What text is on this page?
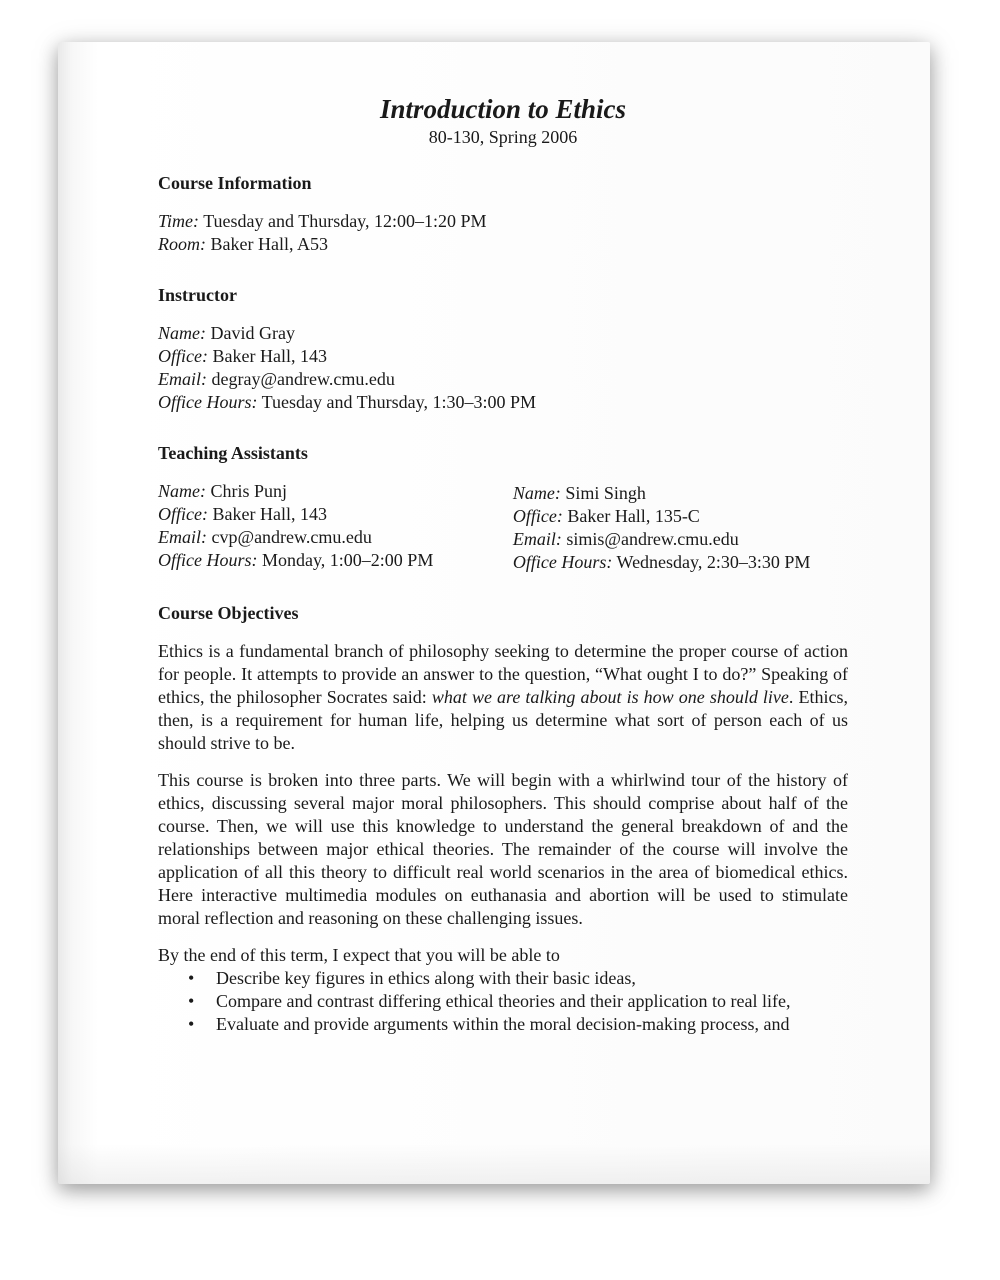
Introduction to Ethics
80-130, Spring 2006
Course Information
Time: Tuesday and Thursday, 12:00–1:20 PM
Room: Baker Hall, A53
Instructor
Name: David Gray
Office: Baker Hall, 143
Email: degray@andrew.cmu.edu
Office Hours: Tuesday and Thursday, 1:30–3:00 PM
Teaching Assistants
Name: Chris Punj
Office: Baker Hall, 143
Email: cvp@andrew.cmu.edu
Office Hours: Monday, 1:00–2:00 PM
Name: Simi Singh
Office: Baker Hall, 135-C
Email: simis@andrew.cmu.edu
Office Hours: Wednesday, 2:30–3:30 PM
Course Objectives

Ethics is a fundamental branch of philosophy seeking to determine the proper course of action for people. It attempts to provide an answer to the question, “What ought I to do?” Speaking of ethics, the philosopher Socrates said: what we are talking about is how one should live. Ethics, then, is a requirement for human life, helping us determine what sort of person each of us should strive to be.

This course is broken into three parts. We will begin with a whirlwind tour of the history of ethics, discussing several major moral philosophers. This should comprise about half of the course. Then, we will use this knowledge to understand the general breakdown of and the relationships between major ethical theories. The remainder of the course will involve the application of all this theory to difficult real world scenarios in the area of biomedical ethics. Here interactive multimedia modules on euthanasia and abortion will be used to stimulate moral reflection and reasoning on these challenging issues.

By the end of this term, I expect that you will be able to

• Describe key figures in ethics along with their basic ideas,
• Compare and contrast differing ethical theories and their application to real life,
• Evaluate and provide arguments within the moral decision-making process, and
